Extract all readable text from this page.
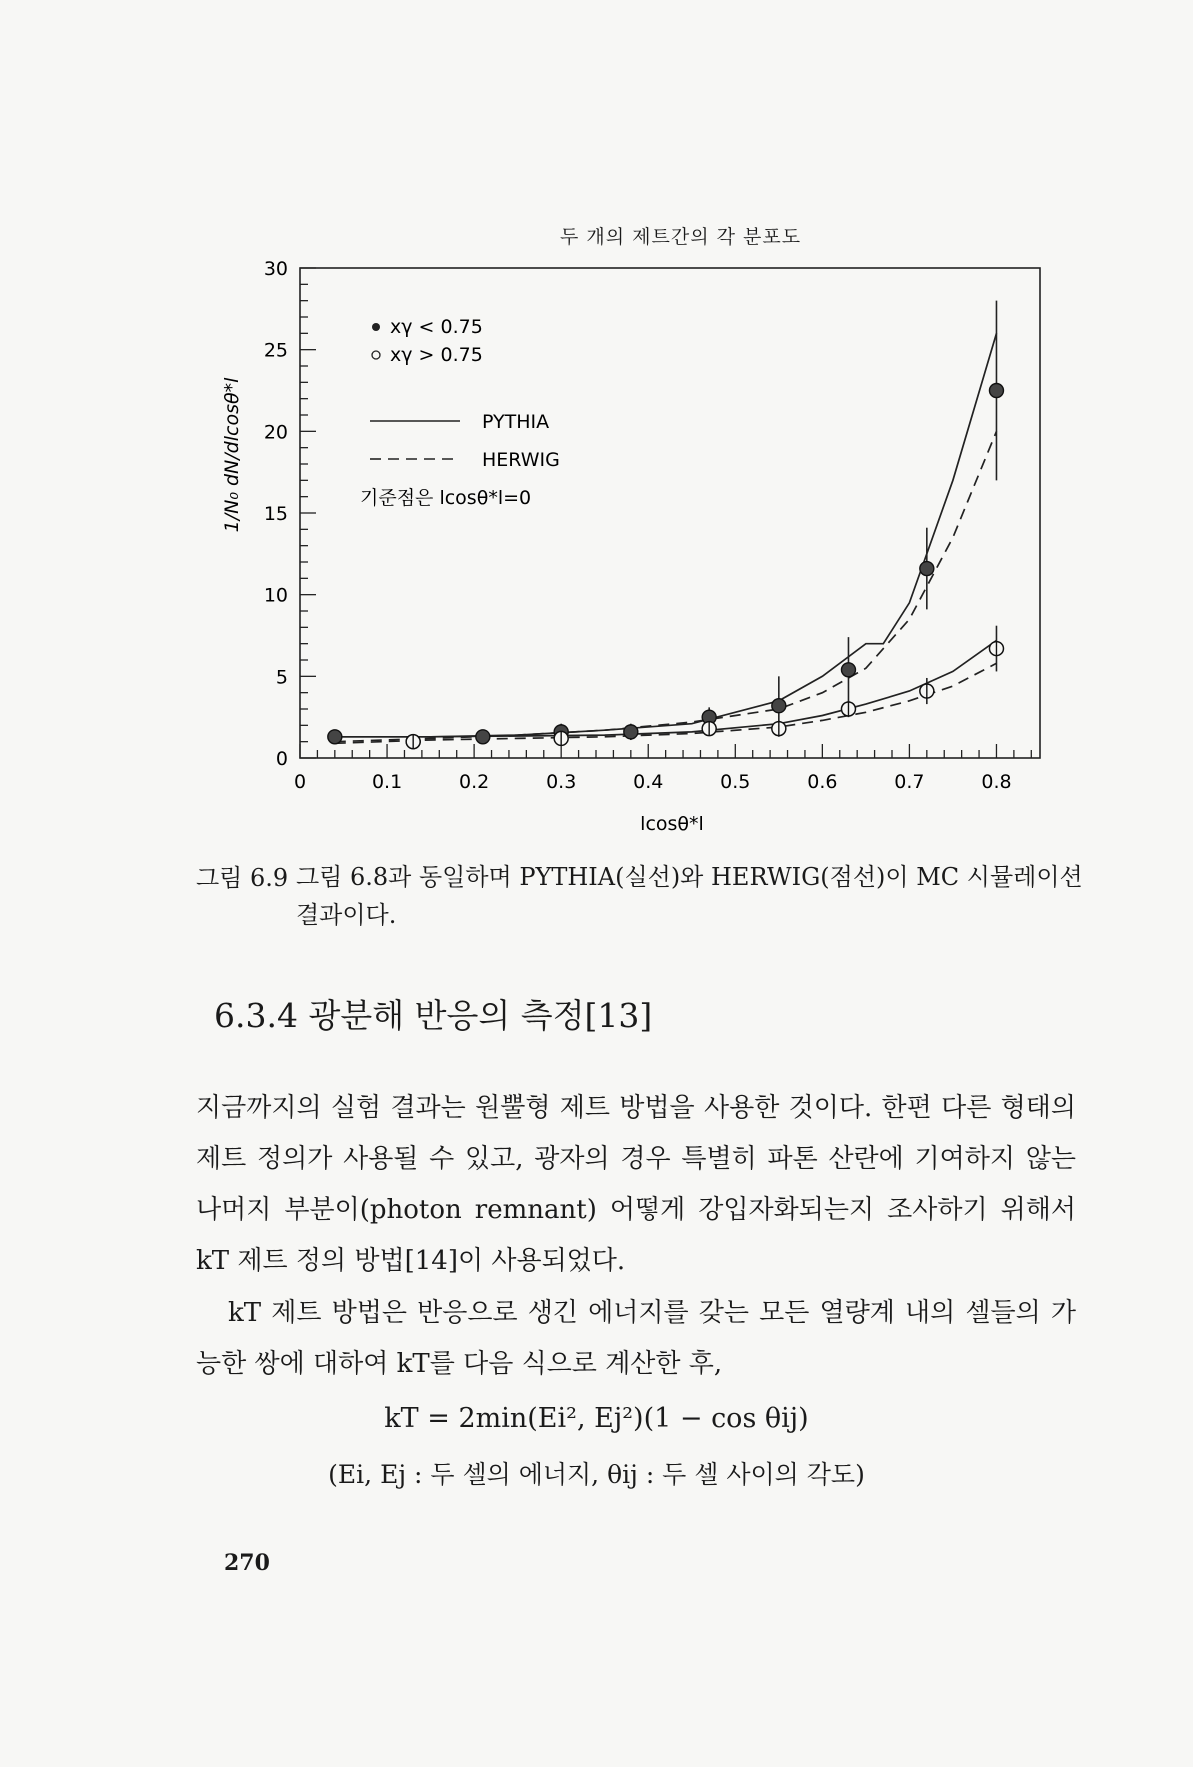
두 개의 제트간의 각 분포도
0
5
10
15
20
25
30
0	0.1	0.2	0.3	0.4	0.5	0.6	0.7	0.8
xγ < 0.75
xγ > 0.75
PYTHIA
HERWIG
기준점은 lcosθ*l=0
1/N₀ dN/dlcosθ*l
lcosθ*l
그림 6.9 그림 6.8과 동일하며 PYTHIA(실선)와 HERWIG(점선)이 MC 시뮬레이션 결과이다.
6.3.4 광분해 반응의 측정[13]

지금까지의 실험 결과는 원뿔형 제트 방법을 사용한 것이다. 한편 다른 형태의 제트 정의가 사용될 수 있고, 광자의 경우 특별히 파톤 산란에 기여하지 않는 나머지 부분이(photon remnant) 어떻게 강입자화되는지 조사하기 위해서 kT 제트 정의 방법[14]이 사용되었다.

kT 제트 방법은 반응으로 생긴 에너지를 갖는 모든 열량계 내의 셀들의 가능한 쌍에 대하여 kT를 다음 식으로 계산한 후,

kT = 2min(Ei², Ej²)(1 − cos θij)
(Ei, Ej : 두 셀의 에너지, θij : 두 셀 사이의 각도)
270
